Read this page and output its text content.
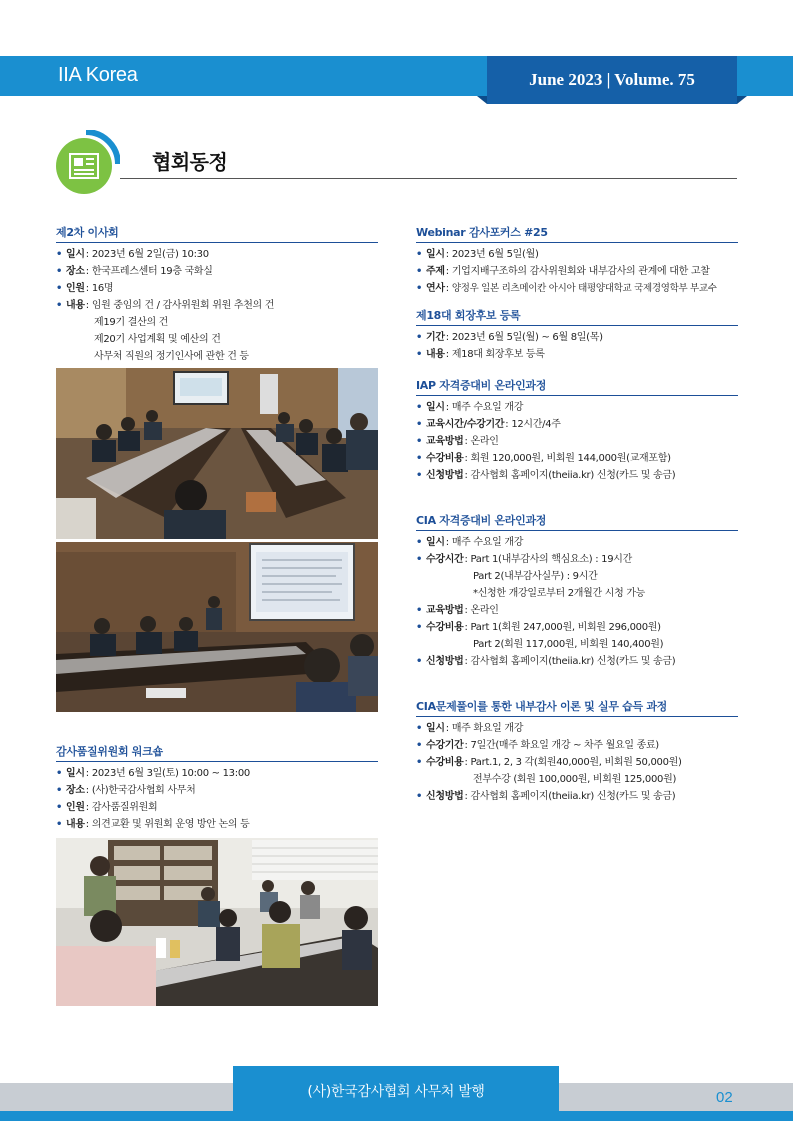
IIA Korea	June 2023 | Volume. 75
협회동정
제2차 이사회
• 일시 : 2023년 6월 2일(금) 10:30
• 장소 : 한국프레스센터 19층 국화실
• 인원 : 16명
• 내용 : 임원 중임의 건 / 감사위원회 위원 추천의 건
제19기 결산의 건
제20기 사업계획 및 예산의 건
사무처 직원의 정기인사에 관한 건 등
감사품질위원회 워크숍
• 일시 : 2023년 6월 3일(토) 10:00 ~ 13:00
• 장소 : (사)한국감사협회 사무처
• 인원 : 감사품질위원회
• 내용 : 의견교환 및 위원회 운영 방안 논의 등
Webinar 감사포커스 #25
• 일시 : 2023년 6월 5일(월)
• 주제 : 기업지배구조하의 감사위원회와 내부감사의 관계에 대한 고찰
• 연사 : 양정우 일본 리츠메이칸 아시아 태평양대학교 국제경영학부 부교수
제18대 회장후보 등록
• 기간 : 2023년 6월 5일(월) ~ 6월 8일(목)
• 내용 : 제18대 회장후보 등록
IAP 자격증대비 온라인과정
• 일시 : 매주 수요일 개강
• 교육시간/수강기간 : 12시간/4주
• 교육방법 : 온라인
• 수강비용 : 회원 120,000원, 비회원 144,000원(교재포함)
• 신청방법 : 감사협회 홈페이지(theiia.kr) 신청(카드 및 송금)
CIA 자격증대비 온라인과정
• 일시 : 매주 수요일 개강
• 수강시간 : Part 1(내부감사의 핵심요소) : 19시간
Part 2(내부감사실무) : 9시간
*신청한 개강일로부터 2개월간 시청 가능
• 교육방법 : 온라인
• 수강비용 : Part 1(회원 247,000원, 비회원 296,000원)
Part 2(회원 117,000원, 비회원 140,400원)
• 신청방법 : 감사협회 홈페이지(theiia.kr) 신청(카드 및 송금)
CIA문제풀이를 통한 내부감사 이론 및 실무 습득 과정
• 일시 : 매주 화요일 개강
• 수강기간 : 7일간(매주 화요일 개강 ~ 차주 월요일 종료)
• 수강비용 : Part.1, 2, 3 각(회원40,000원, 비회원 50,000원)
전부수강 (회원 100,000원, 비회원 125,000원)
• 신청방법 : 감사협회 홈페이지(theiia.kr) 신청(카드 및 송금)
(사)한국감사협회 사무처 발행	02
